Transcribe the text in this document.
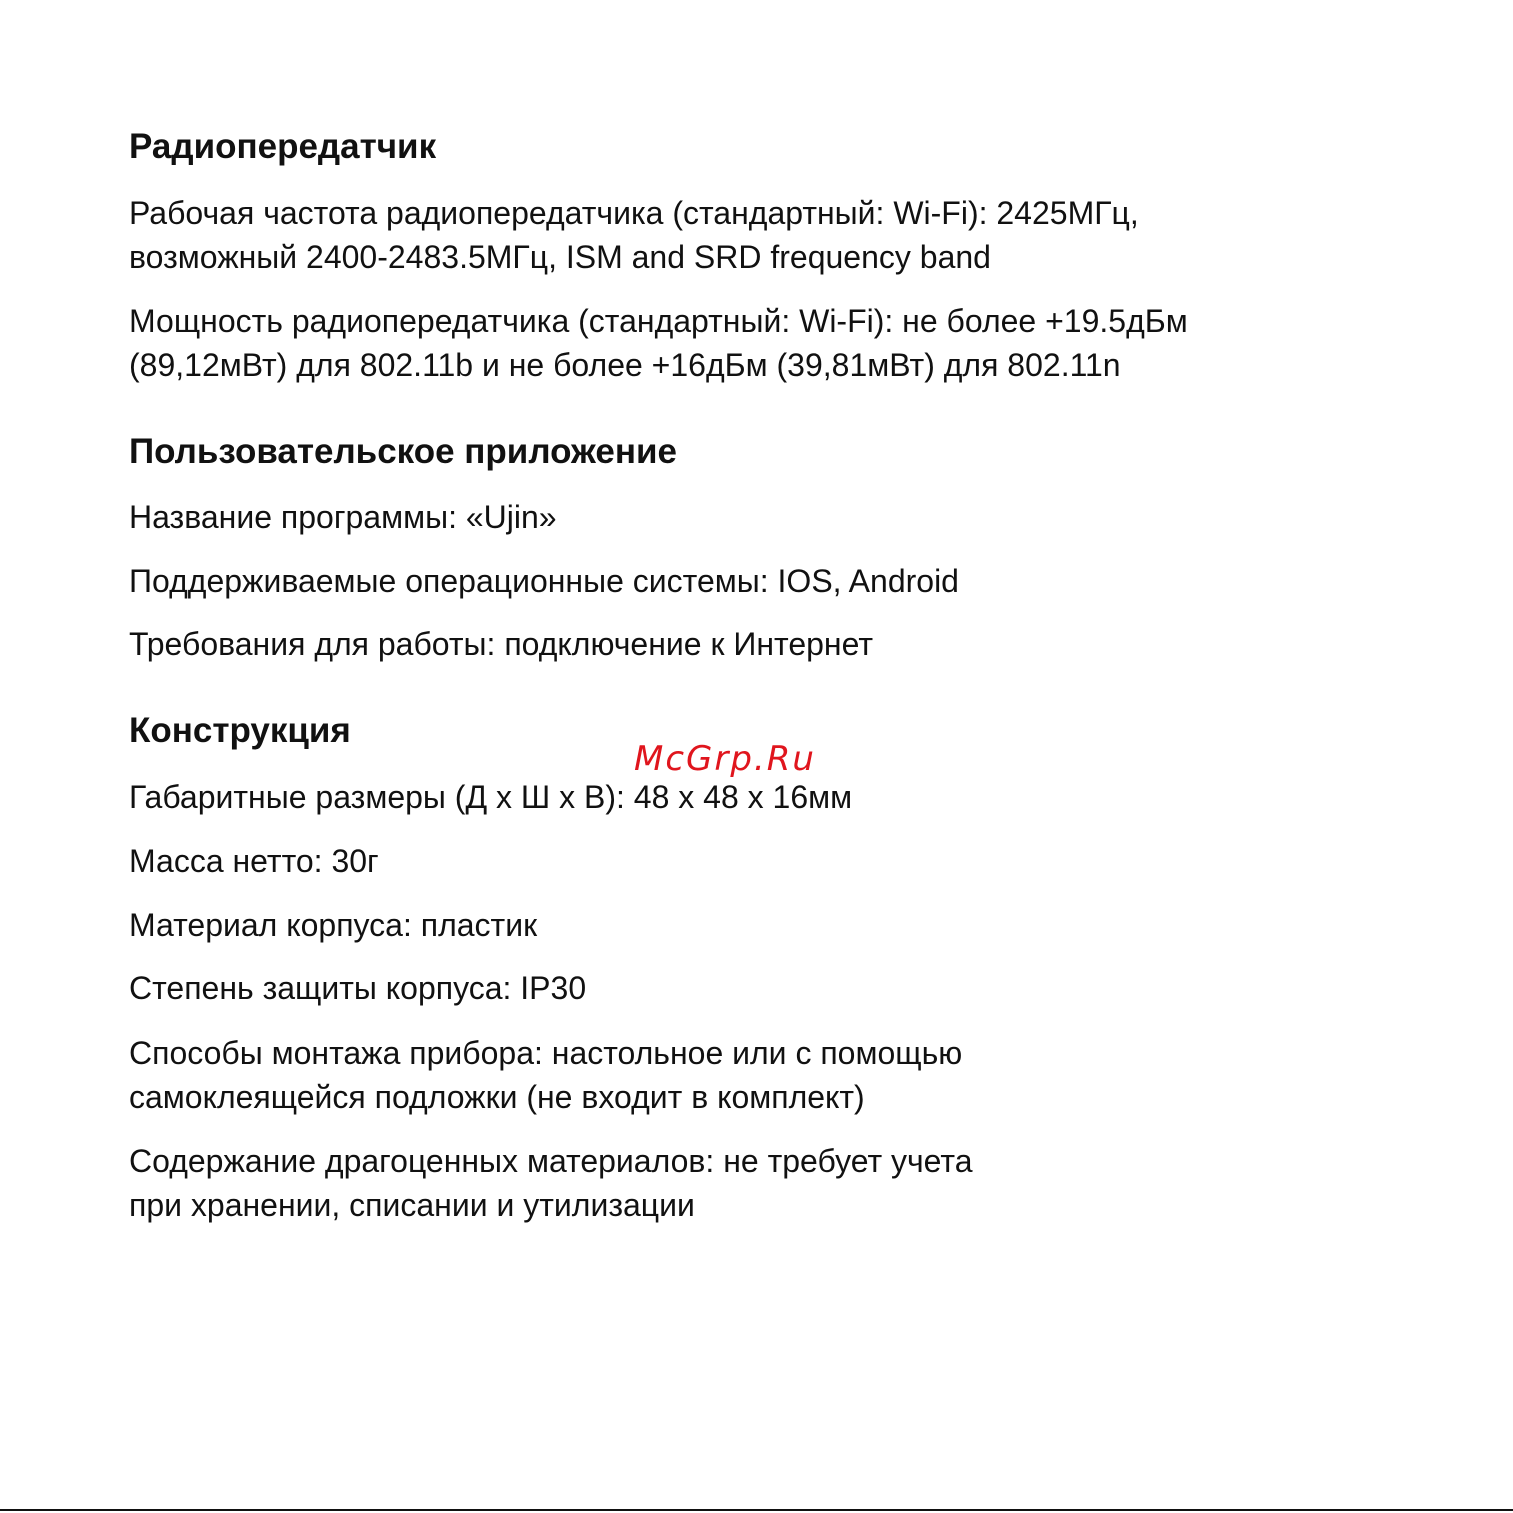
Радиопередатчик
Рабочая частота радиопередатчика (стандартный: Wi-Fi): 2425МГц,
возможный 2400-2483.5МГц, ISM and SRD frequency band
Мощность радиопередатчика (стандартный: Wi-Fi): не более +19.5дБм
(89,12мВт) для 802.11b и не более +16дБм (39,81мВт) для 802.11n
Пользовательское приложение
Название программы: «Ujin»
Поддерживаемые операционные системы: IOS, Android
Требования для работы: подключение к Интернет
Конструкция
Габаритные размеры (Д х Ш х В): 48 х 48 х 16мм
Масса нетто: 30г
Материал корпуса: пластик
Степень защиты корпуса: IP30
Способы монтажа прибора: настольное или с помощью
самоклеящейся подложки (не входит в комплект)
Содержание драгоценных материалов: не требует учета
при хранении, списании и утилизации
McGrp.Ru
